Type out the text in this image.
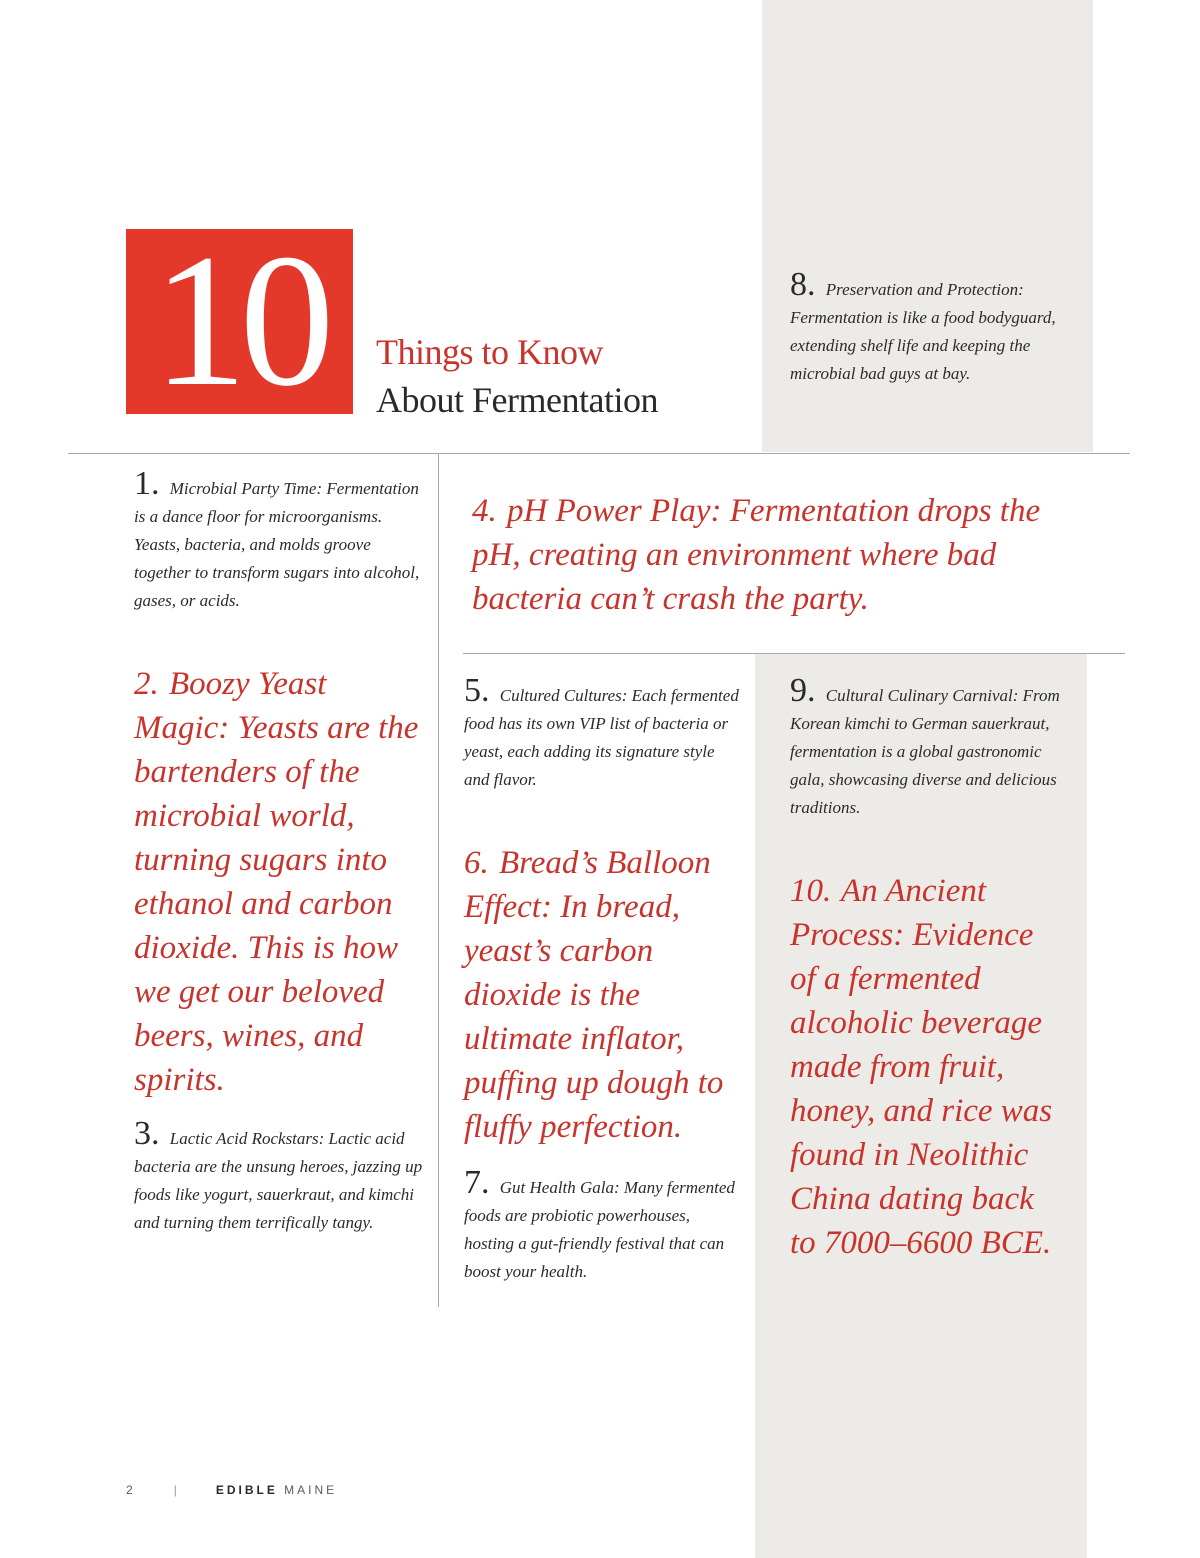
10	Things to Know
About Fermentation
8. Preservation and Protection: Fermentation is like a food bodyguard, extending shelf life and keeping the microbial bad guys at bay.
1. Microbial Party Time: Fermentation is a dance floor for microorganisms. Yeasts, bacteria, and molds groove together to transform sugars into alcohol, gases, or acids.
4. pH Power Play: Fermentation drops the pH, creating an environment where bad bacteria can’t crash the party.
2. Boozy Yeast Magic: Yeasts are the bartenders of the microbial world, turning sugars into ethanol and carbon dioxide. This is how we get our beloved beers, wines, and spirits.
3. Lactic Acid Rockstars: Lactic acid bacteria are the unsung heroes, jazzing up foods like yogurt, sauerkraut, and kimchi and turning them terrifically tangy.
5. Cultured Cultures: Each fermented food has its own VIP list of bacteria or yeast, each adding its signature style and flavor.
6. Bread’s Balloon Effect: In bread, yeast’s carbon dioxide is the ultimate inflator, puffing up dough to fluffy perfection.
7. Gut Health Gala: Many fermented foods are probiotic powerhouses, hosting a gut-friendly festival that can boost your health.
9. Cultural Culinary Carnival: From Korean kimchi to German sauerkraut, fermentation is a global gastronomic gala, showcasing diverse and delicious traditions.
10. An Ancient Process: Evidence of a fermented alcoholic beverage made from fruit, honey, and rice was found in Neolithic China dating back to 7000–6600 BCE.
2	|	EDIBLE MAINE
